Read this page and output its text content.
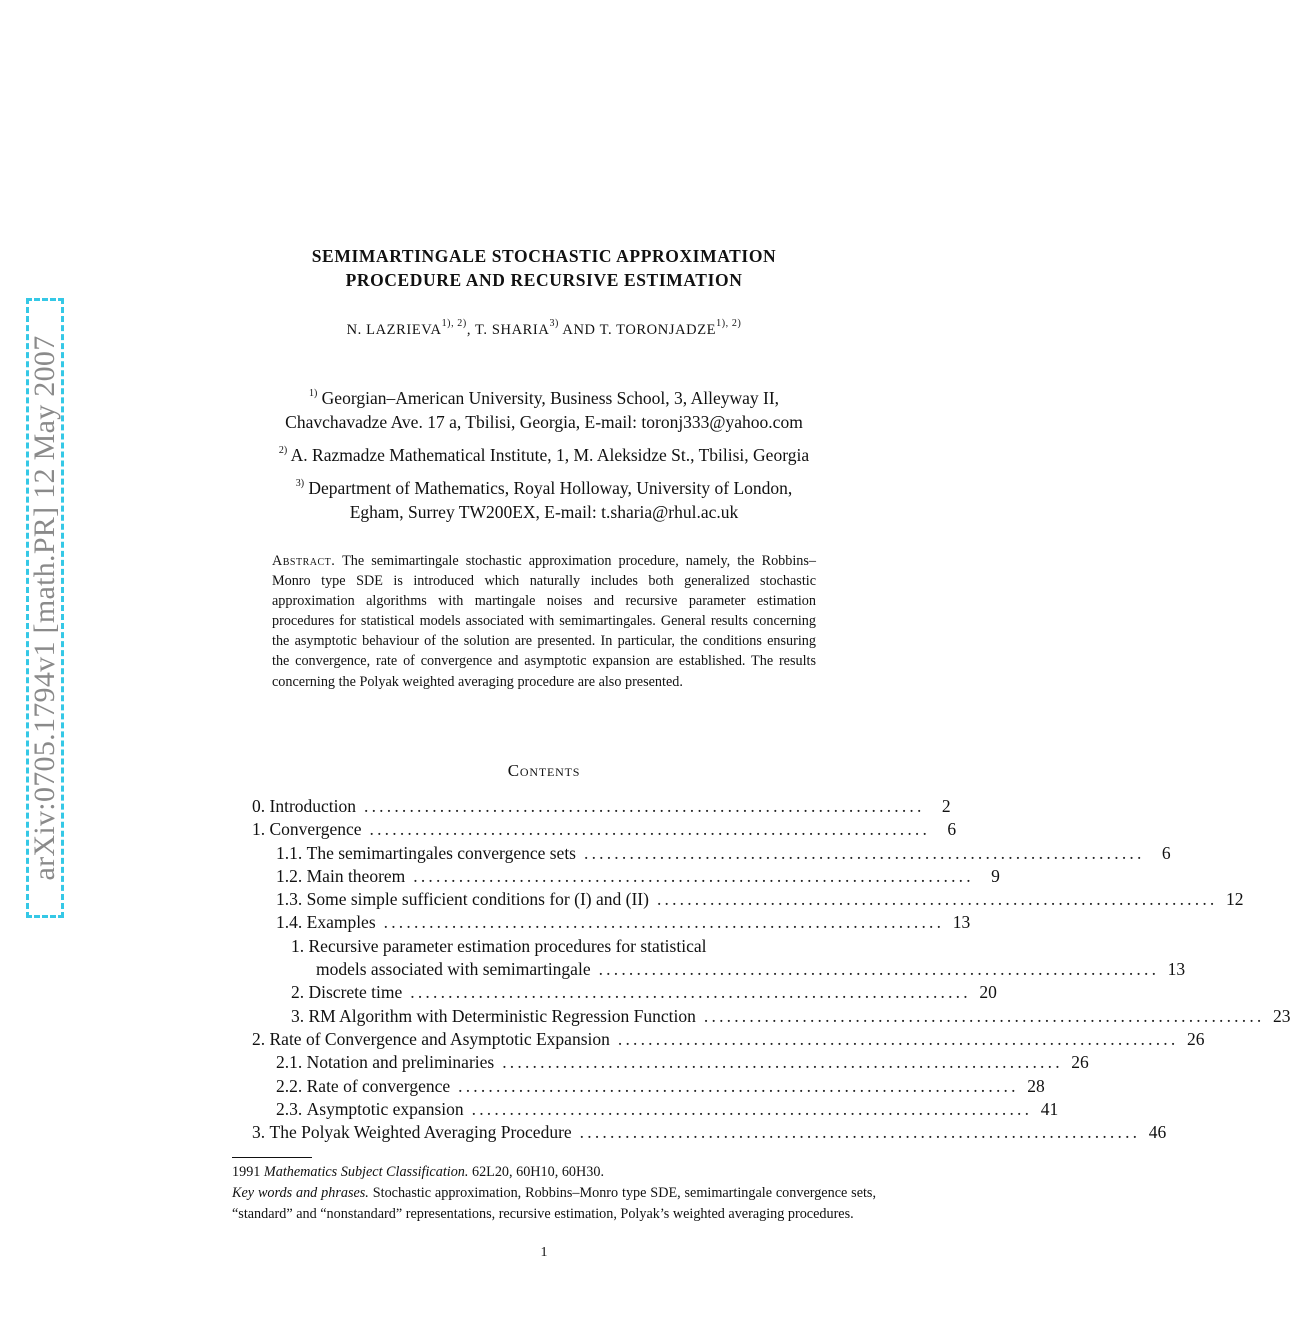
arXiv:0705.1794v1 [math.PR] 12 May 2007
SEMIMARTINGALE STOCHASTIC APPROXIMATION
PROCEDURE AND RECURSIVE ESTIMATION
N. $LAZRIEVA^{1), 2)}$, T. SHARIA$^{3)}$ AND T. $TORONJADZE^{1), 2)}$
$^{1)}$ Georgian–American University, Business School, 3, Alleyway II,
Chavchavadze Ave. 17 a, Tbilisi, Georgia, E-mail: toronj333@yahoo.com
$^{2)}$ A. Razmadze Mathematical Institute, 1, M. Aleksidze St., Tbilisi, Georgia
$^{3)}$ Department of Mathematics, Royal Holloway, University of London,
Egham, Surrey TW200EX, E-mail: t.sharia@rhul.ac.uk
Abstract. The semimartingale stochastic approximation procedure, namely, the Robbins–Monro type SDE is introduced which naturally includes both generalized stochastic approximation algorithms with martingale noises and recursive parameter estimation procedures for statistical models associated with semimartingales. General results concerning the asymptotic behaviour of the solution are presented. In particular, the conditions ensuring the convergence, rate of convergence and asymptotic expansion are established. The results concerning the Polyak weighted averaging procedure are also presented.
Contents
0. Introduction .......................................................................... 2
1. Convergence .......................................................................... 6
1.1. The semimartingales convergence sets .......................................................................... 6
1.2. Main theorem .......................................................................... 9
1.3. Some simple sufficient conditions for (I) and (II) .......................................................................... 12
1.4. Examples .......................................................................... 13
1. Recursive parameter estimation procedures for statistical
models associated with semimartingale .......................................................................... 13
2. Discrete time .......................................................................... 20
3. RM Algorithm with Deterministic Regression Function .......................................................................... 23
2. Rate of Convergence and Asymptotic Expansion .......................................................................... 26
2.1. Notation and preliminaries .......................................................................... 26
2.2. Rate of convergence .......................................................................... 28
2.3. Asymptotic expansion .......................................................................... 41
3. The Polyak Weighted Averaging Procedure .......................................................................... 46
1991 Mathematics Subject Classification. 62L20, 60H10, 60H30.
Key words and phrases. Stochastic approximation, Robbins–Monro type SDE, semimartingale convergence sets, “standard” and “nonstandard” representations, recursive estimation, Polyak’s weighted averaging procedures.
1
